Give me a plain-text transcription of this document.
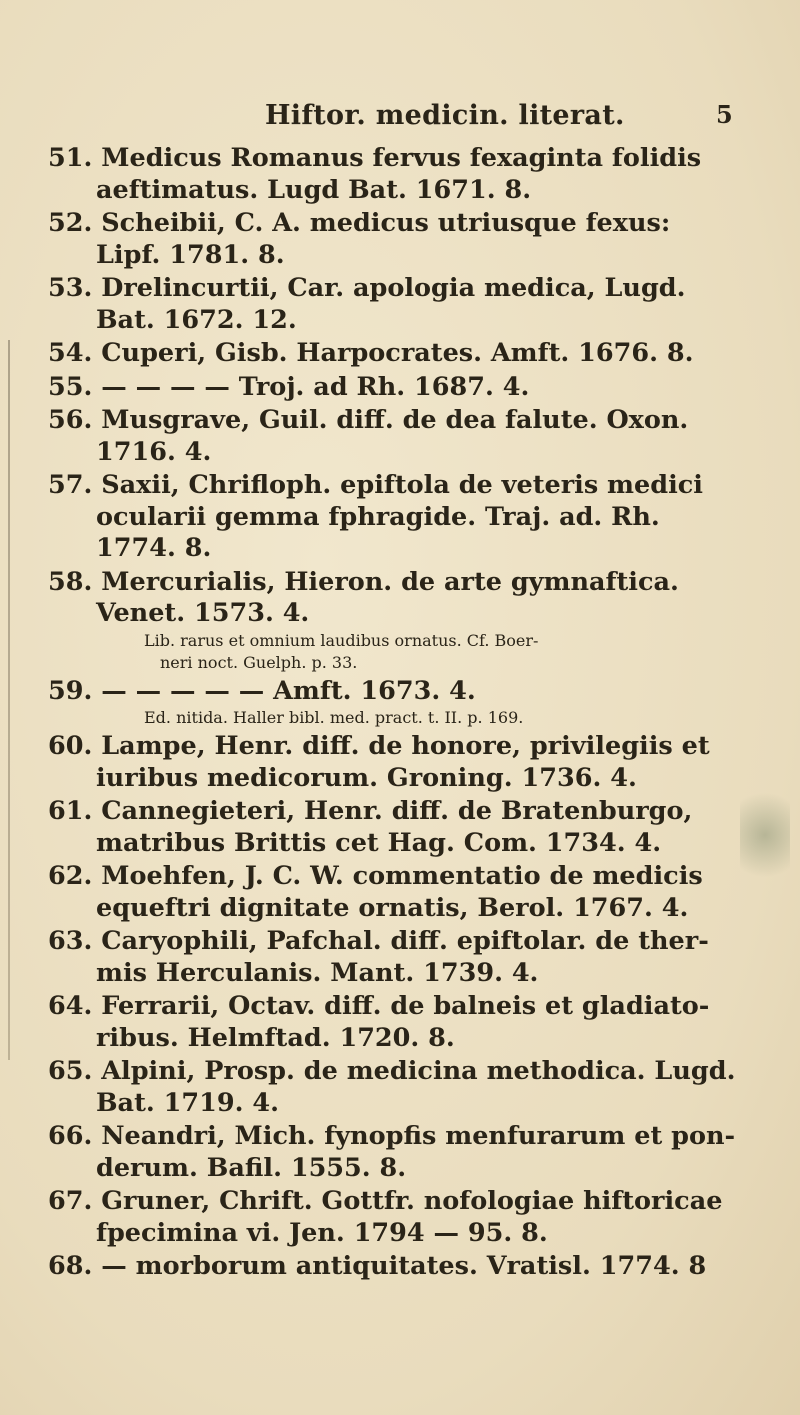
Hiftor. medicin. literat.	5
51. Medicus Romanus fervus fexaginta folidis
aeftimatus. Lugd Bat. 1671. 8.
52. Scheibii, C. A. medicus utriusque fexus:
Lipf. 1781. 8.
53. Drelincurtii, Car. apologia medica, Lugd.
Bat. 1672. 12.
54. Cuperi, Gisb. Harpocrates. Amft. 1676. 8.
55. — — — — Troj. ad Rh. 1687. 4.
56. Musgrave, Guil. diff. de dea falute. Oxon.
1716. 4.
57. Saxii, Chrifloph. epiftola de veteris medici
ocularii gemma fphragide. Traj. ad. Rh.
1774. 8.
58. Mercurialis, Hieron. de arte gymnaftica.
Venet. 1573. 4.
Lib. rarus et omnium laudibus ornatus. Cf. Boer-
neri noct. Guelph. p. 33.
59. — — — — — Amft. 1673. 4.
Ed. nitida. Haller bibl. med. pract. t. II. p. 169.
60. Lampe, Henr. diff. de honore, privilegiis et
iuribus medicorum. Groning. 1736. 4.
61. Cannegieteri, Henr. diff. de Bratenburgo,
matribus Brittis cet Hag. Com. 1734. 4.
62. Moehfen, J. C. W. commentatio de medicis
equeftri dignitate ornatis, Berol. 1767. 4.
63. Caryophili, Pafchal. diff. epiftolar. de ther-
mis Herculanis. Mant. 1739. 4.
64. Ferrarii, Octav. diff. de balneis et gladiato-
ribus. Helmftad. 1720. 8.
65. Alpini, Prosp. de medicina methodica. Lugd.
Bat. 1719. 4.
66. Neandri, Mich. fynopfis menfurarum et pon-
derum. Bafil. 1555. 8.
67. Gruner, Chrift. Gottfr. nofologiae hiftoricae
fpecimina vi. Jen. 1794 — 95. 8.
68. — morborum antiquitates. Vratisl. 1774. 8
